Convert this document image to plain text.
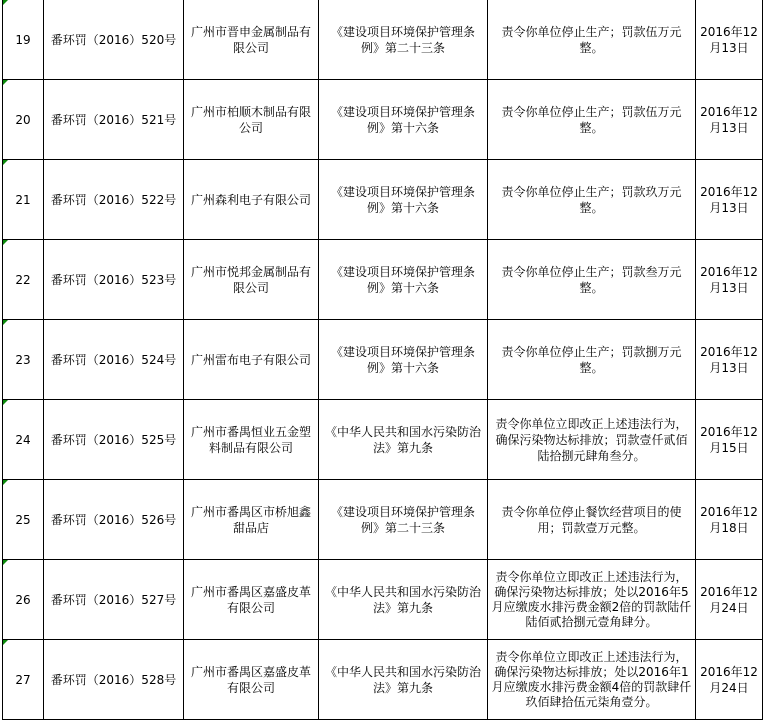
19	番环罚（2016）520号	广州市晋申金属制品有限公司	《建设项目环境保护管理条例》第二十三条	责令你单位停止生产；罚款伍万元整。	2016年12月13日
20	番环罚（2016）521号	广州市柏顺木制品有限公司	《建设项目环境保护管理条例》第十六条	责令你单位停止生产；罚款伍万元整。	2016年12月13日
21	番环罚（2016）522号	广州森利电子有限公司	《建设项目环境保护管理条例》第十六条	责令你单位停止生产；罚款玖万元整。	2016年12月13日
22	番环罚（2016）523号	广州市悦邦金属制品有限公司	《建设项目环境保护管理条例》第十六条	责令你单位停止生产；罚款叁万元整。	2016年12月13日
23	番环罚（2016）524号	广州雷布电子有限公司	《建设项目环境保护管理条例》第十六条	责令你单位停止生产；罚款捌万元整。	2016年12月13日
24	番环罚（2016）525号	广州市番禺恒业五金塑料制品有限公司	《中华人民共和国水污染防治法》第九条	责令你单位立即改正上述违法行为，确保污染物达标排放；罚款壹仟贰佰陆拾捌元肆角叁分。	2016年12月15日
25	番环罚（2016）526号	广州市番禺区市桥旭鑫甜品店	《建设项目环境保护管理条例》第二十三条	责令你单位停止餐饮经营项目的使用；罚款壹万元整。	2016年12月18日
26	番环罚（2016）527号	广州市番禺区嘉盛皮革有限公司	《中华人民共和国水污染防治法》第九条	责令你单位立即改正上述违法行为，确保污染物达标排放；处以2016年5月应缴废水排污费金额2倍的罚款陆仟陆佰贰拾捌元壹角肆分。	2016年12月24日
27	番环罚（2016）528号	广州市番禺区嘉盛皮革有限公司	《中华人民共和国水污染防治法》第九条	责令你单位立即改正上述违法行为，确保污染物达标排放；处以2016年1月应缴废水排污费金额4倍的罚款肆仟玖佰肆拾伍元柒角壹分。	2016年12月24日
